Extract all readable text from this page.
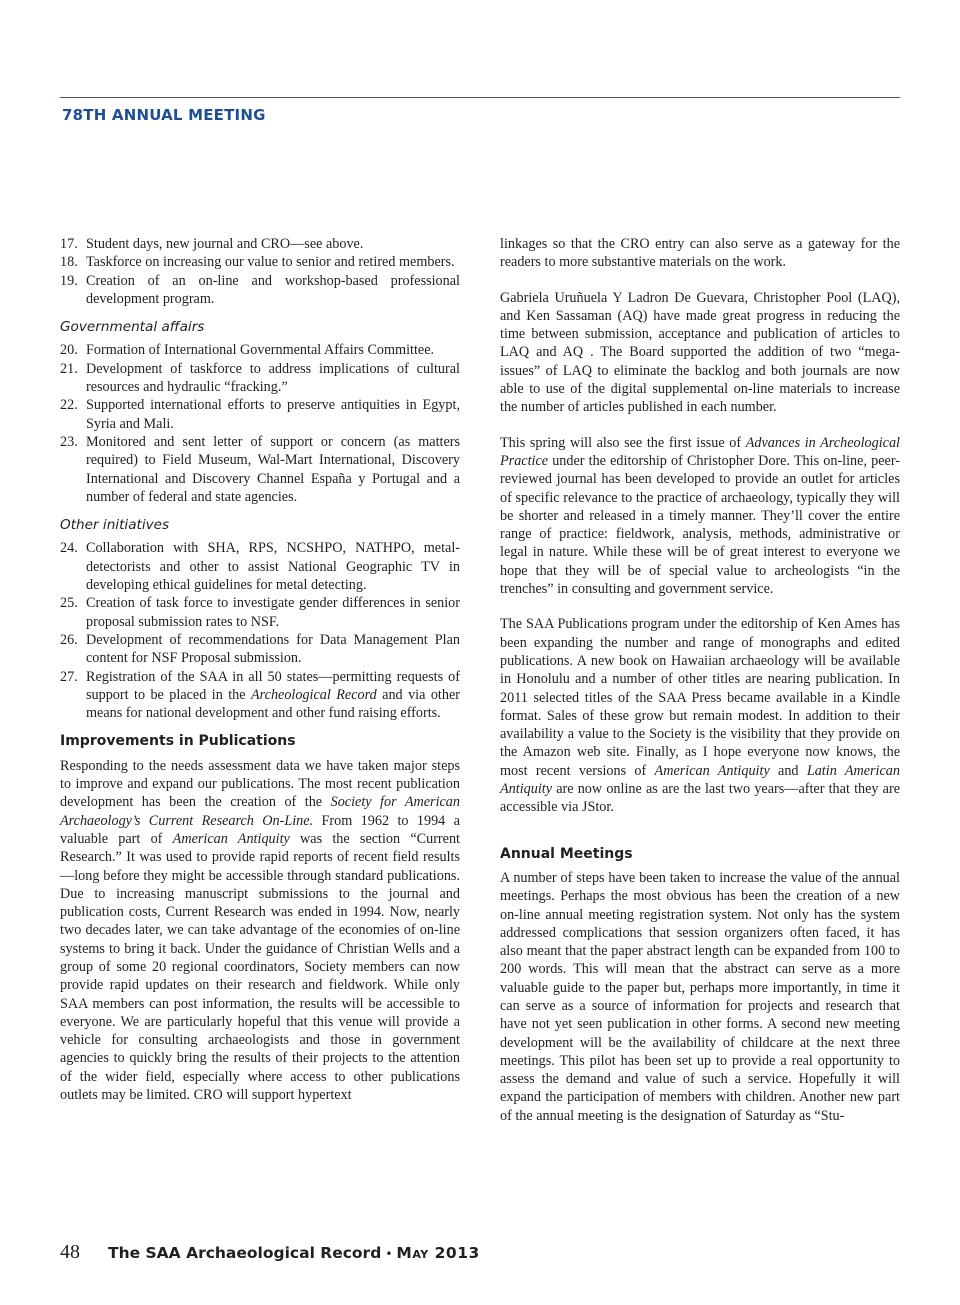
78TH ANNUAL MEETING
17. Student days, new journal and CRO—see above.
18. Taskforce on increasing our value to senior and retired members.
19. Creation of an on-line and workshop-based professional development program.
Governmental affairs
20. Formation of International Governmental Affairs Committee.
21. Development of taskforce to address implications of cultural resources and hydraulic “fracking.”
22. Supported international efforts to preserve antiquities in Egypt, Syria and Mali.
23. Monitored and sent letter of support or concern (as matters required) to Field Museum, Wal-Mart International, Discovery International and Discovery Channel España y Portugal and a number of federal and state agencies.
Other initiatives
24. Collaboration with SHA, RPS, NCSHPO, NATHPO, metal-detectorists and other to assist National Geographic TV in developing ethical guidelines for metal detecting.
25. Creation of task force to investigate gender differences in senior proposal submission rates to NSF.
26. Development of recommendations for Data Management Plan content for NSF Proposal submission.
27. Registration of the SAA in all 50 states—permitting requests of support to be placed in the Archeological Record and via other means for national development and other fund raising efforts.
Improvements in Publications

Responding to the needs assessment data we have taken major steps to improve and expand our publications. The most recent publication development has been the creation of the Society for American Archaeology’s Current Research On-Line. From 1962 to 1994 a valuable part of American Antiquity was the section “Current Research.” It was used to provide rapid reports of recent field results—long before they might be accessible through standard publications. Due to increasing manuscript submissions to the journal and publication costs, Current Research was ended in 1994. Now, nearly two decades later, we can take advantage of the economies of on-line systems to bring it back. Under the guidance of Christian Wells and a group of some 20 regional coordinators, Society members can now provide rapid updates on their research and fieldwork. While only SAA members can post information, the results will be accessible to everyone. We are particularly hopeful that this venue will provide a vehicle for consulting archaeologists and those in government agencies to quickly bring the results of their projects to the attention of the wider field, especially where access to other publications outlets may be limited. CRO will support hypertext

linkages so that the CRO entry can also serve as a gateway for the readers to more substantive materials on the work.

Gabriela Uruñuela Y Ladron De Guevara, Christopher Pool (LAQ), and Ken Sassaman (AQ) have made great progress in reducing the time between submission, acceptance and publication of articles to LAQ and AQ . The Board supported the addition of two “mega-issues” of LAQ to eliminate the backlog and both journals are now able to use of the digital supplemental on-line materials to increase the number of articles published in each number.

This spring will also see the first issue of Advances in Archeological Practice under the editorship of Christopher Dore. This on-line, peer-reviewed journal has been developed to provide an outlet for articles of specific relevance to the practice of archaeology, typically they will be shorter and released in a timely manner. They’ll cover the entire range of practice: fieldwork, analysis, methods, administrative or legal in nature. While these will be of great interest to everyone we hope that they will be of special value to archeologists “in the trenches” in consulting and government service.

The SAA Publications program under the editorship of Ken Ames has been expanding the number and range of monographs and edited publications. A new book on Hawaiian archaeology will be available in Honolulu and a number of other titles are nearing publication. In 2011 selected titles of the SAA Press became available in a Kindle format. Sales of these grow but remain modest. In addition to their availability a value to the Society is the visibility that they provide on the Amazon web site. Finally, as I hope everyone now knows, the most recent versions of American Antiquity and Latin American Antiquity are now online as are the last two years—after that they are accessible via JStor.

Annual Meetings

A number of steps have been taken to increase the value of the annual meetings. Perhaps the most obvious has been the creation of a new on-line annual meeting registration system. Not only has the system addressed complications that session organizers often faced, it has also meant that the paper abstract length can be expanded from 100 to 200 words. This will mean that the abstract can serve as a more valuable guide to the paper but, perhaps more importantly, in time it can serve as a source of information for projects and research that have not yet seen publication in other forms. A second new meeting development will be the availability of childcare at the next three meetings. This pilot has been set up to provide a real opportunity to assess the demand and value of such a service. Hopefully it will expand the participation of members with children. Another new part of the annual meeting is the designation of Saturday as “Stu-

48 The SAA Archaeological Record • May 2013
